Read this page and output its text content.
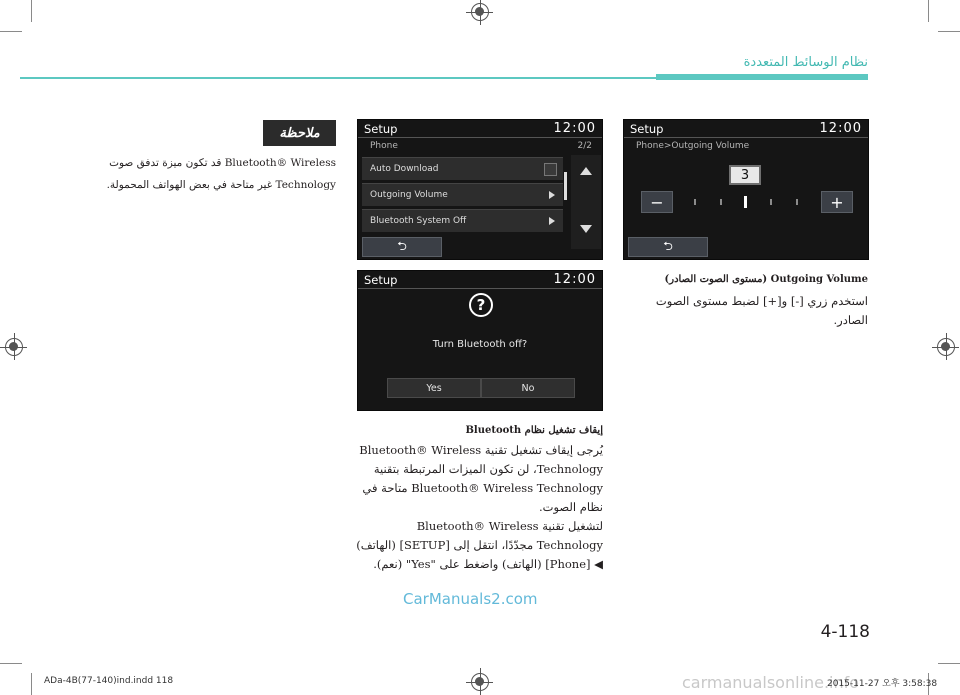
نظام الوسائط المتعددة
ملاحظة
Bluetooth® Wireless قد تكون ميزة تدفق صوت Technology غير متاحة في بعض الهواتف المحمولة.
Setup	12:00
Phone	2/2
Auto Download
Outgoing Volume
Bluetooth System Off
⮌
Setup	12:00
Phone>Outgoing Volume
3
−	+
⮌
Setup	12:00
?
Turn Bluetooth off?
Yes	No
Outgoing Volume (مستوى الصوت الصادر)
استخدم زري [-] و[+] لضبط مستوى الصوت
الصادر.
إيقاف تشغيل نظام Bluetooth
يُرجى إيقاف تشغيل تقنية Bluetooth® Wireless
Technology، لن تكون الميزات المرتبطة بتقنية
Bluetooth® Wireless Technology متاحة في
نظام الصوت.
لتشغيل تقنية Bluetooth® Wireless
Technology مجدّدًا، انتقل إلى [SETUP] (الهاتف)
◀ [Phone] (الهاتف) واضغط على "Yes" (نعم).
CarManuals2.com
4-118
ADa-4B(77-140)ind.indd 118	carmanualsonline.info
2015-11-27 오후 3:58:38
